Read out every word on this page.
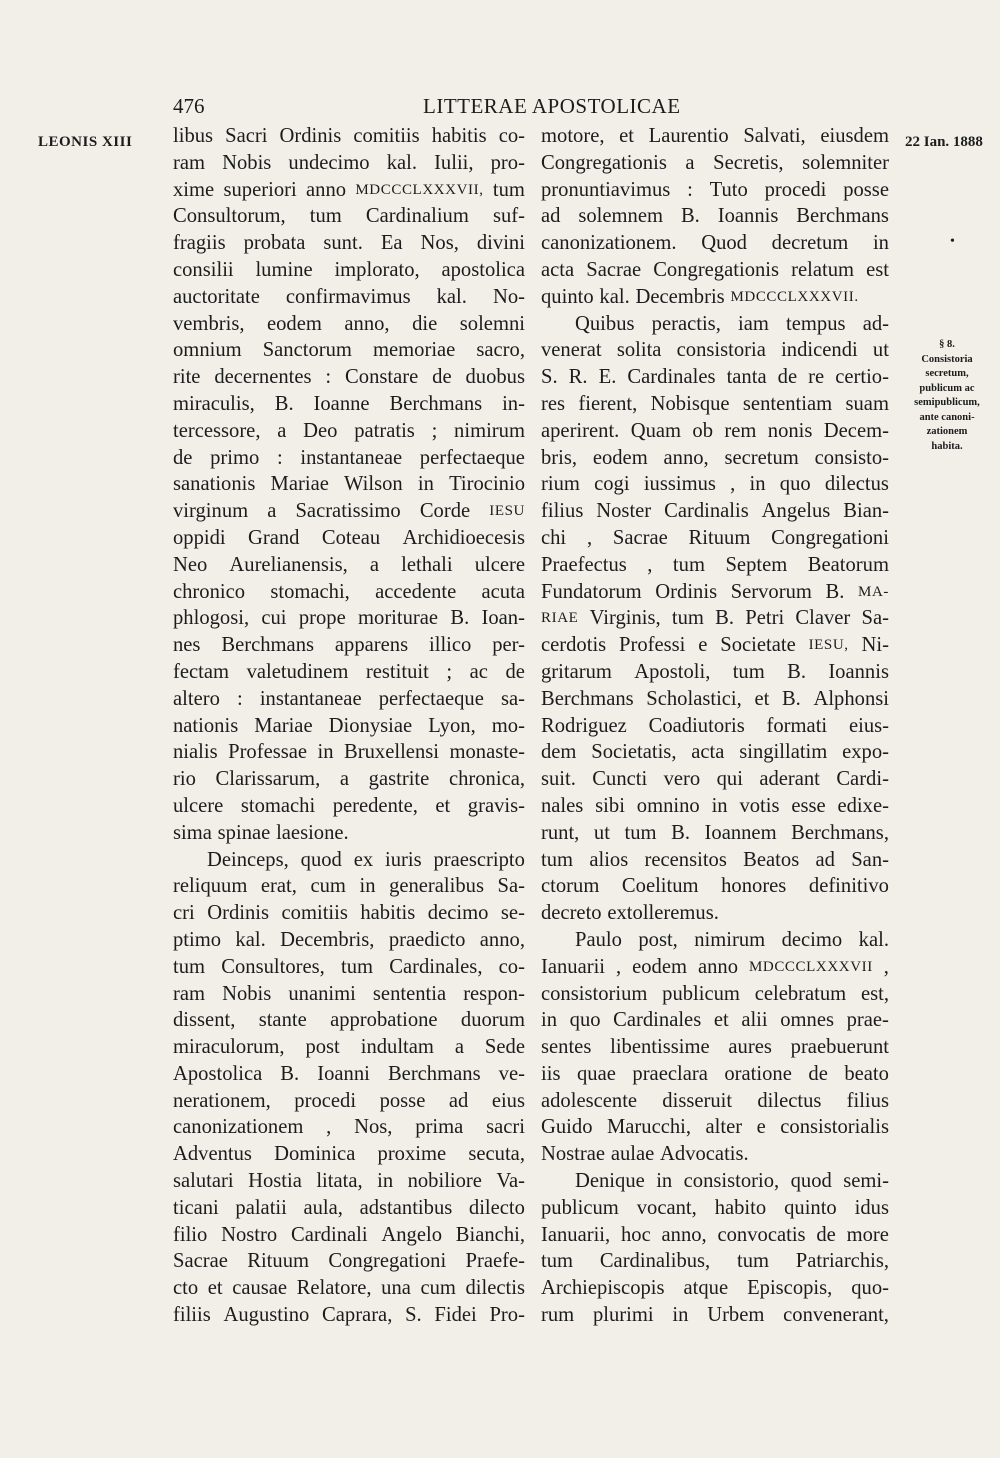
476	LITTERAE APOSTOLICAE
LEONIS XIII	22 Ian. 1888
•
§ 8.
Consistoria
secretum,
publicum ac
semipublicum,
ante canoni-
zationem
habita.
libus Sacri Ordinis comitiis habitis co-
ram Nobis undecimo kal. Iulii, pro-
xime superiori anno MDCCCLXXXVII, tum
Consultorum, tum Cardinalium suf-
fragiis probata sunt. Ea Nos, divini
consilii lumine implorato, apostolica
auctoritate confirmavimus kal. No-
vembris, eodem anno, die solemni
omnium Sanctorum memoriae sacro,
rite decernentes : Constare de duobus
miraculis, B. Ioanne Berchmans in-
tercessore, a Deo patratis ; nimirum
de primo : instantaneae perfectaeque
sanationis Mariae Wilson in Tirocinio
virginum a Sacratissimo Corde IESU
oppidi Grand Coteau Archidioecesis
Neo Aurelianensis, a lethali ulcere
chronico stomachi, accedente acuta
phlogosi, cui prope moriturae B. Ioan-
nes Berchmans apparens illico per-
fectam valetudinem restituit ; ac de
altero : instantaneae perfectaeque sa-
nationis Mariae Dionysiae Lyon, mo-
nialis Professae in Bruxellensi monaste-
rio Clarissarum, a gastrite chronica,
ulcere stomachi peredente, et gravis-
sima spinae laesione.
Deinceps, quod ex iuris praescripto
reliquum erat, cum in generalibus Sa-
cri Ordinis comitiis habitis decimo se-
ptimo kal. Decembris, praedicto anno,
tum Consultores, tum Cardinales, co-
ram Nobis unanimi sententia respon-
dissent, stante approbatione duorum
miraculorum, post indultam a Sede
Apostolica B. Ioanni Berchmans ve-
nerationem, procedi posse ad eius
canonizationem , Nos, prima sacri
Adventus Dominica proxime secuta,
salutari Hostia litata, in nobiliore Va-
ticani palatii aula, adstantibus dilecto
filio Nostro Cardinali Angelo Bianchi,
Sacrae Rituum Congregationi Praefe-
cto et causae Relatore, una cum dilectis
filiis Augustino Caprara, S. Fidei Pro-
motore, et Laurentio Salvati, eiusdem
Congregationis a Secretis, solemniter
pronuntiavimus : Tuto procedi posse
ad solemnem B. Ioannis Berchmans
canonizationem. Quod decretum in
acta Sacrae Congregationis relatum est
quinto kal. Decembris MDCCCLXXXVII.
Quibus peractis, iam tempus ad-
venerat solita consistoria indicendi ut
S. R. E. Cardinales tanta de re certio-
res fierent, Nobisque sententiam suam
aperirent. Quam ob rem nonis Decem-
bris, eodem anno, secretum consisto-
rium cogi iussimus , in quo dilectus
filius Noster Cardinalis Angelus Bian-
chi , Sacrae Rituum Congregationi
Praefectus , tum Septem Beatorum
Fundatorum Ordinis Servorum B. MA-
RIAE Virginis, tum B. Petri Claver Sa-
cerdotis Professi e Societate IESU, Ni-
gritarum Apostoli, tum B. Ioannis
Berchmans Scholastici, et B. Alphonsi
Rodriguez Coadiutoris formati eius-
dem Societatis, acta singillatim expo-
suit. Cuncti vero qui aderant Cardi-
nales sibi omnino in votis esse edixe-
runt, ut tum B. Ioannem Berchmans,
tum alios recensitos Beatos ad San-
ctorum Coelitum honores definitivo
decreto extolleremus.
Paulo post, nimirum decimo kal.
Ianuarii , eodem anno MDCCCLXXXVII ,
consistorium publicum celebratum est,
in quo Cardinales et alii omnes prae-
sentes libentissime aures praebuerunt
iis quae praeclara oratione de beato
adolescente disseruit dilectus filius
Guido Marucchi, alter e consistorialis
Nostrae aulae Advocatis.
Denique in consistorio, quod semi-
publicum vocant, habito quinto idus
Ianuarii, hoc anno, convocatis de more
tum Cardinalibus, tum Patriarchis,
Archiepiscopis atque Episcopis, quo-
rum plurimi in Urbem convenerant,
